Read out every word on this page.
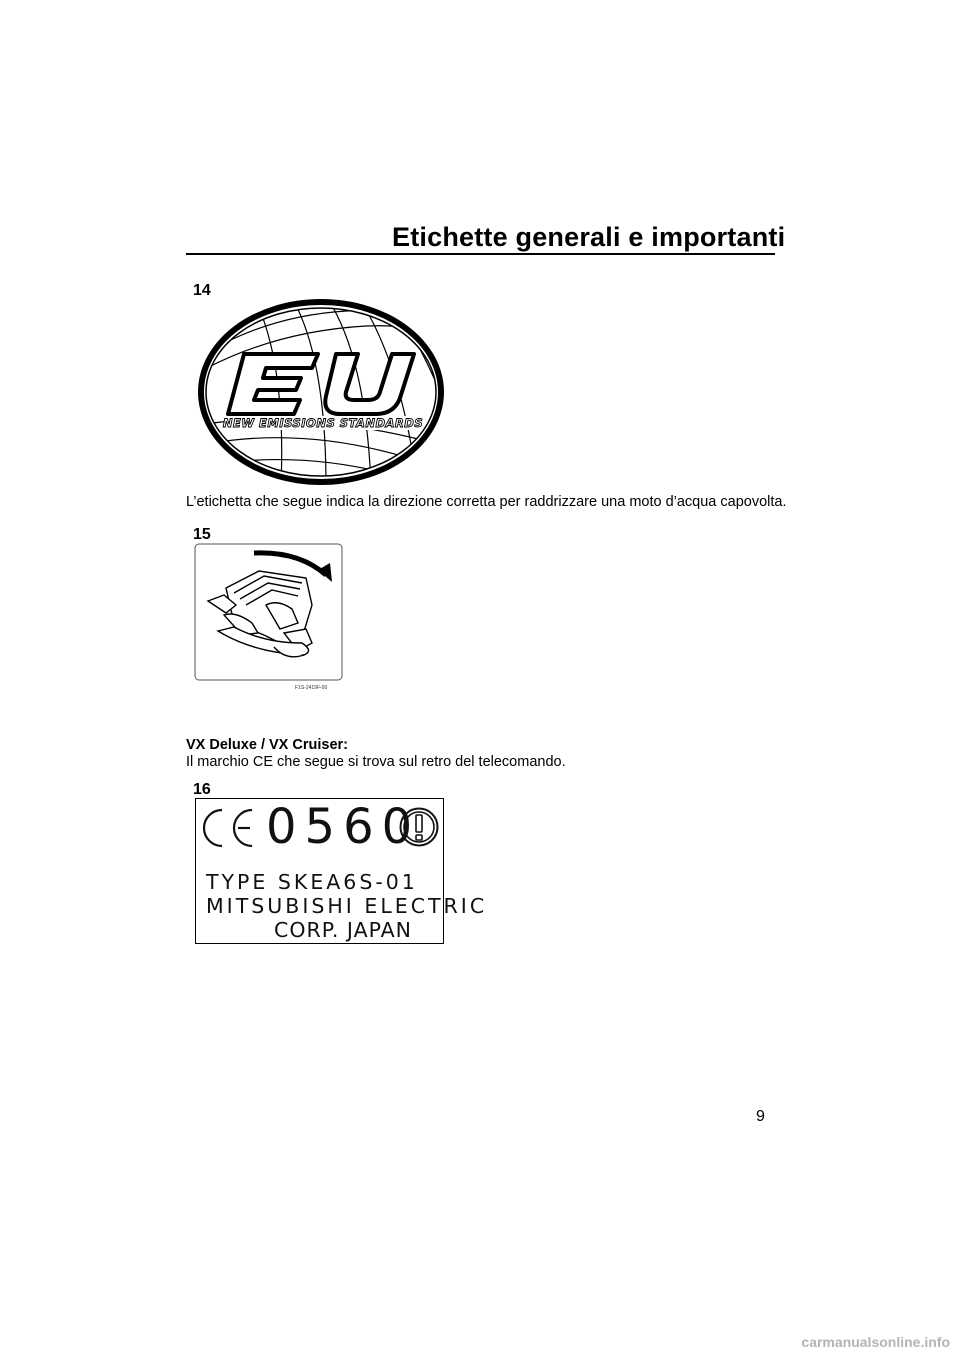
Etichette generali e importanti
14
NEW EMISSIONS STANDARDS
L’etichetta che segue indica la direzione corretta per raddrizzare una moto d’acqua capovolta.
15
F1S-2419F-00
VX Deluxe / VX Cruiser:
Il marchio CE che segue si trova sul retro del telecomando.
16
0560
TYPE SKEA6S-01
MITSUBISHI ELECTRIC
CORP. JAPAN
9
carmanualsonline.info
